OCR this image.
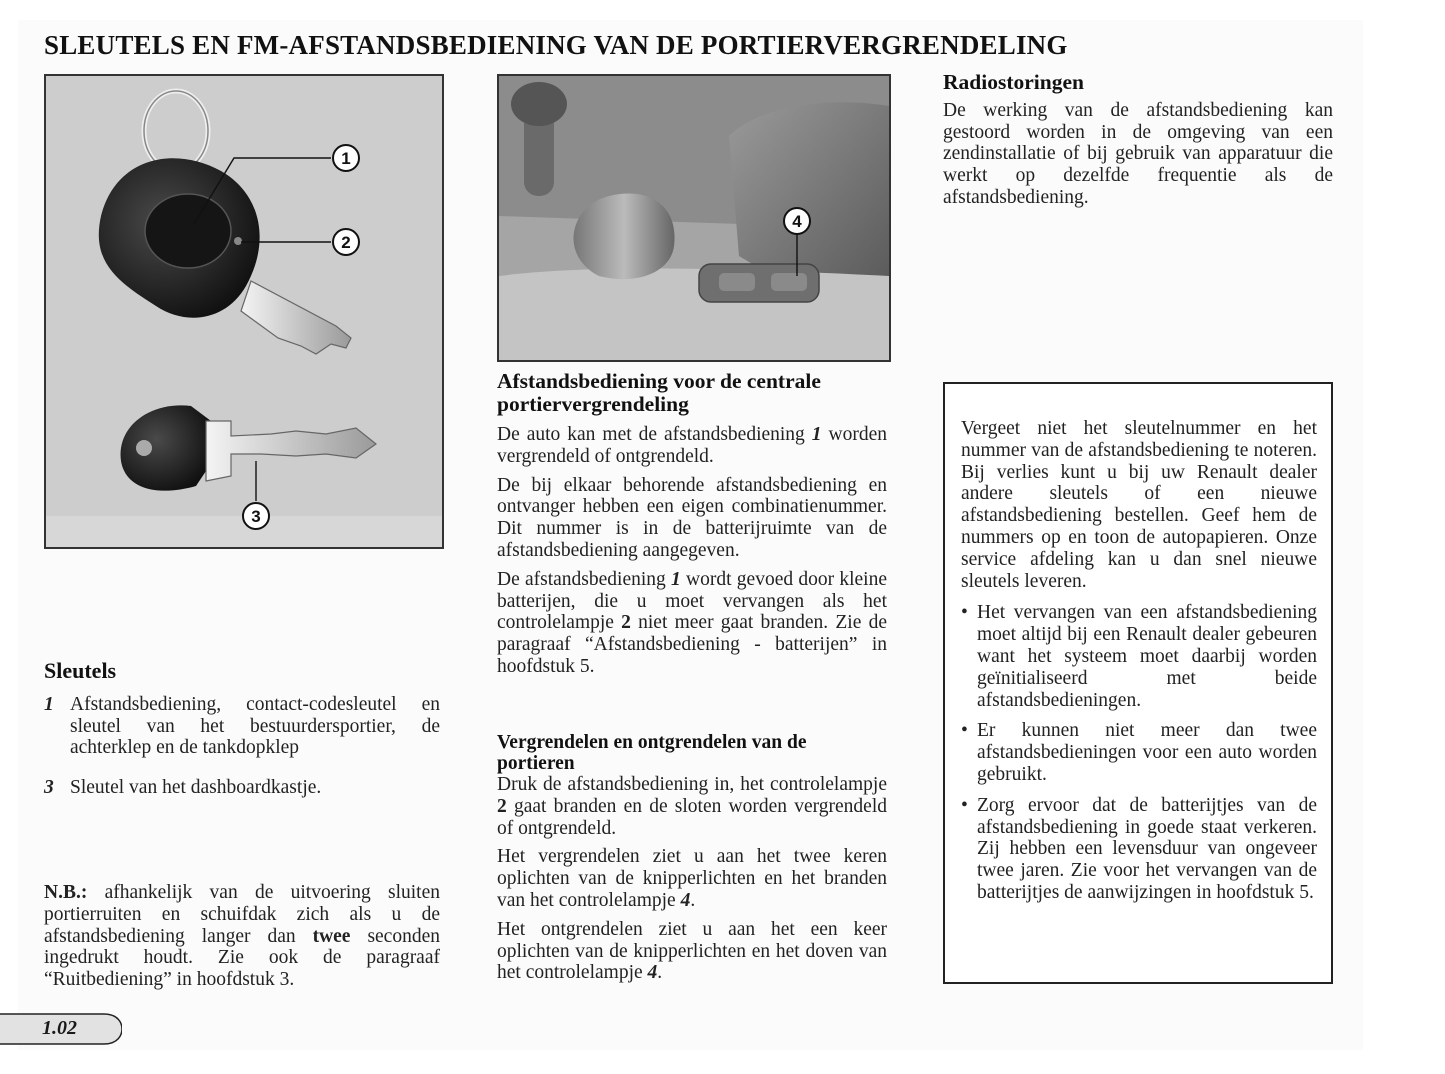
SLEUTELS EN FM-AFSTANDSBEDIENING VAN DE PORTIERVERGRENDELING
1
2
3
4
Sleutels
1 Afstandsbediening, contact-codesleutel en sleutel van het bestuurdersportier, de achterklep en de tankdopklep
3 Sleutel van het dashboardkastje.

N.B.: afhankelijk van de uitvoering sluiten portierruiten en schuifdak zich als u de afstandsbediening langer dan twee seconden ingedrukt houdt. Zie ook de paragraaf “Ruitbediening” in hoofdstuk 3.

Afstandsbediening voor de centrale portiervergrendeling

De auto kan met de afstandsbediening 1 worden vergrendeld of ontgrendeld.

De bij elkaar behorende afstandsbediening en ontvanger hebben een eigen combinatienummer. Dit nummer is in de batterijruimte van de afstandsbediening aangegeven.

De afstandsbediening 1 wordt gevoed door kleine batterijen, die u moet vervangen als het controlelampje 2 niet meer gaat branden. Zie de paragraaf “Afstandsbediening - batterijen” in hoofdstuk 5.

Vergrendelen en ontgrendelen van de portieren

Druk de afstandsbediening in, het controlelampje 2 gaat branden en de sloten worden vergrendeld of ontgrendeld.

Het vergrendelen ziet u aan het twee keren oplichten van de knipperlichten en het branden van het controlelampje 4.

Het ontgrendelen ziet u aan het een keer oplichten van de knipperlichten en het doven van het controlelampje 4.

Radiostoringen

De werking van de afstandsbediening kan gestoord worden in de omgeving van een zendinstallatie of bij gebruik van apparatuur die werkt op dezelfde frequentie als de afstandsbediening.

Vergeet niet het sleutelnummer en het nummer van de afstandsbediening te noteren. Bij verlies kunt u bij uw Renault dealer andere sleutels of een nieuwe afstandsbediening bestellen. Geef hem de nummers op en toon de autopapieren. Onze service afdeling kan u dan snel nieuwe sleutels leveren.

• Het vervangen van een afstandsbediening moet altijd bij een Renault dealer gebeuren want het systeem moet daarbij worden geïnitialiseerd met beide afstandsbedieningen.
• Er kunnen niet meer dan twee afstandsbedieningen voor een auto worden gebruikt.
• Zorg ervoor dat de batterijtjes van de afstandsbediening in goede staat verkeren. Zij hebben een levensduur van ongeveer twee jaren. Zie voor het vervangen van de batterijtjes de aanwijzingen in hoofdstuk 5.
1.02
